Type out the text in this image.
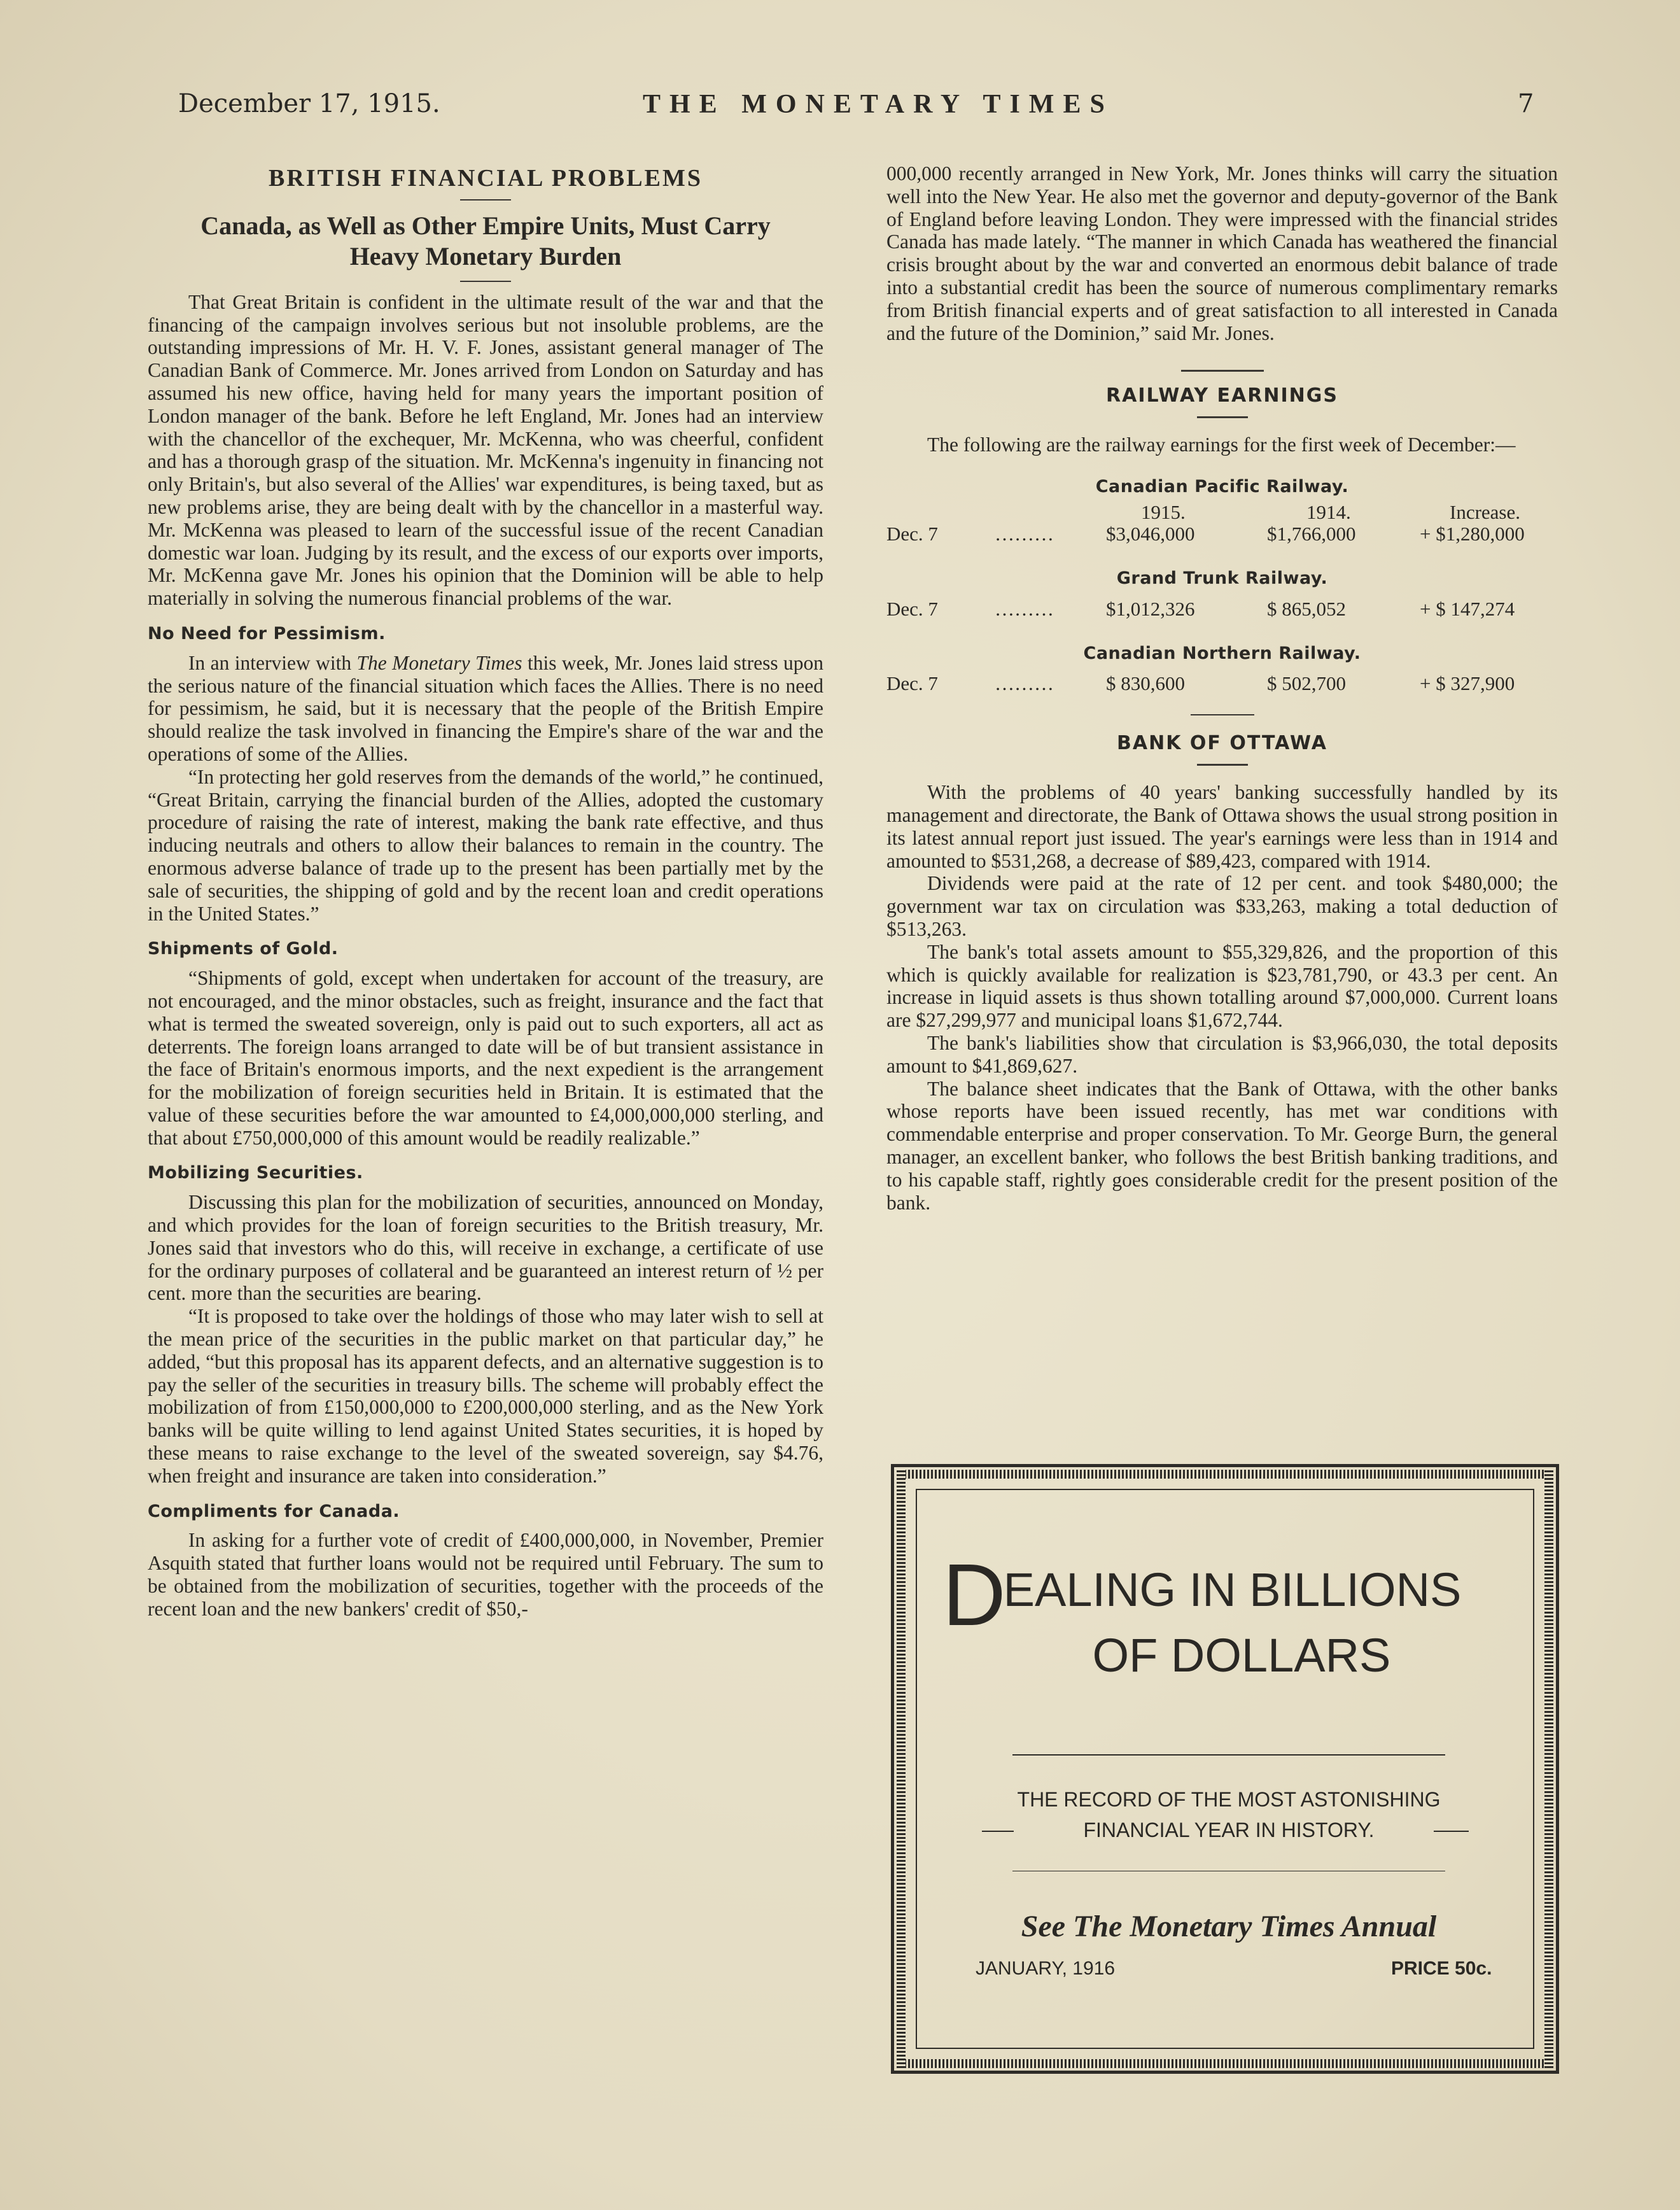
December 17, 1915.	THE MONETARY TIMES	7
BRITISH FINANCIAL PROBLEMS
Canada, as Well as Other Empire Units, Must Carry
Heavy Monetary Burden

That Great Britain is confident in the ultimate result of the war and that the financing of the campaign involves serious but not insoluble problems, are the outstanding impressions of Mr. H. V. F. Jones, assistant general manager of The Canadian Bank of Commerce. Mr. Jones arrived from London on Saturday and has assumed his new office, having held for many years the important position of London manager of the bank. Before he left England, Mr. Jones had an interview with the chancellor of the exchequer, Mr. McKenna, who was cheerful, confident and has a thorough grasp of the situation. Mr. McKenna's ingenuity in financing not only Britain's, but also several of the Allies' war expenditures, is being taxed, but as new problems arise, they are being dealt with by the chancellor in a masterful way. Mr. McKenna was pleased to learn of the successful issue of the recent Canadian domestic war loan. Judging by its result, and the excess of our exports over imports, Mr. McKenna gave Mr. Jones his opinion that the Dominion will be able to help materially in solving the numerous financial problems of the war.

No Need for Pessimism.

In an interview with The Monetary Times this week, Mr. Jones laid stress upon the serious nature of the financial situation which faces the Allies. There is no need for pessimism, he said, but it is necessary that the people of the British Empire should realize the task involved in financing the Empire's share of the war and the operations of some of the Allies.

“In protecting her gold reserves from the demands of the world,” he continued, “Great Britain, carrying the financial burden of the Allies, adopted the customary procedure of raising the rate of interest, making the bank rate effective, and thus inducing neutrals and others to allow their balances to remain in the country. The enormous adverse balance of trade up to the present has been partially met by the sale of securities, the shipping of gold and by the recent loan and credit operations in the United States.”

Shipments of Gold.

“Shipments of gold, except when undertaken for account of the treasury, are not encouraged, and the minor obstacles, such as freight, insurance and the fact that what is termed the sweated sovereign, only is paid out to such exporters, all act as deterrents. The foreign loans arranged to date will be of but transient assistance in the face of Britain's enormous imports, and the next expedient is the arrangement for the mobilization of foreign securities held in Britain. It is estimated that the value of these securities before the war amounted to £4,000,000,000 sterling, and that about £750,000,000 of this amount would be readily realizable.”

Mobilizing Securities.

Discussing this plan for the mobilization of securities, announced on Monday, and which provides for the loan of foreign securities to the British treasury, Mr. Jones said that investors who do this, will receive in exchange, a certificate of use for the ordinary purposes of collateral and be guaranteed an interest return of ½ per cent. more than the securities are bearing.

“It is proposed to take over the holdings of those who may later wish to sell at the mean price of the securities in the public market on that particular day,” he added, “but this proposal has its apparent defects, and an alternative suggestion is to pay the seller of the securities in treasury bills. The scheme will probably effect the mobilization of from £150,000,000 to £200,000,000 sterling, and as the New York banks will be quite willing to lend against United States securities, it is hoped by these means to raise exchange to the level of the sweated sovereign, say $4.76, when freight and insurance are taken into consideration.”

Compliments for Canada.

In asking for a further vote of credit of £400,000,000, in November, Premier Asquith stated that further loans would not be required until February. The sum to be obtained from the mobilization of securities, together with the proceeds of the recent loan and the new bankers' credit of $50,-

000,000 recently arranged in New York, Mr. Jones thinks will carry the situation well into the New Year. He also met the governor and deputy-governor of the Bank of England before leaving London. They were impressed with the financial strides Canada has made lately. “The manner in which Canada has weathered the financial crisis brought about by the war and converted an enormous debit balance of trade into a substantial credit has been the source of numerous complimentary remarks from British financial experts and of great satisfaction to all interested in Canada and the future of the Dominion,” said Mr. Jones.

RAILWAY EARNINGS

The following are the railway earnings for the first week of December:—

Canadian Pacific Railway.
1915.	1914.	Increase.
Dec. 7	………	$3,046,000	$1,766,000	+ $1,280,000
Grand Trunk Railway.
Dec. 7	………	$1,012,326	$ 865,052	+ $ 147,274
Canadian Northern Railway.
Dec. 7	………	$ 830,600	$ 502,700	+ $ 327,900
BANK OF OTTAWA

With the problems of 40 years' banking successfully handled by its management and directorate, the Bank of Ottawa shows the usual strong position in its latest annual report just issued. The year's earnings were less than in 1914 and amounted to $531,268, a decrease of $89,423, compared with 1914.

Dividends were paid at the rate of 12 per cent. and took $480,000; the government war tax on circulation was $33,263, making a total deduction of $513,263.

The bank's total assets amount to $55,329,826, and the proportion of this which is quickly available for realization is $23,781,790, or 43.3 per cent. An increase in liquid assets is thus shown totalling around $7,000,000. Current loans are $27,299,977 and municipal loans $1,672,744.

The bank's liabilities show that circulation is $3,966,030, the total deposits amount to $41,869,627.

The balance sheet indicates that the Bank of Ottawa, with the other banks whose reports have been issued recently, has met war conditions with commendable enterprise and proper conservation. To Mr. George Burn, the general manager, an excellent banker, who follows the best British banking traditions, and to his capable staff, rightly goes considerable credit for the present position of the bank.

DEALING IN BILLIONS
OF DOLLARS
THE RECORD OF THE MOST ASTONISHING
FINANCIAL YEAR IN HISTORY.
See The Monetary Times Annual
JANUARY, 1916	PRICE 50c.
